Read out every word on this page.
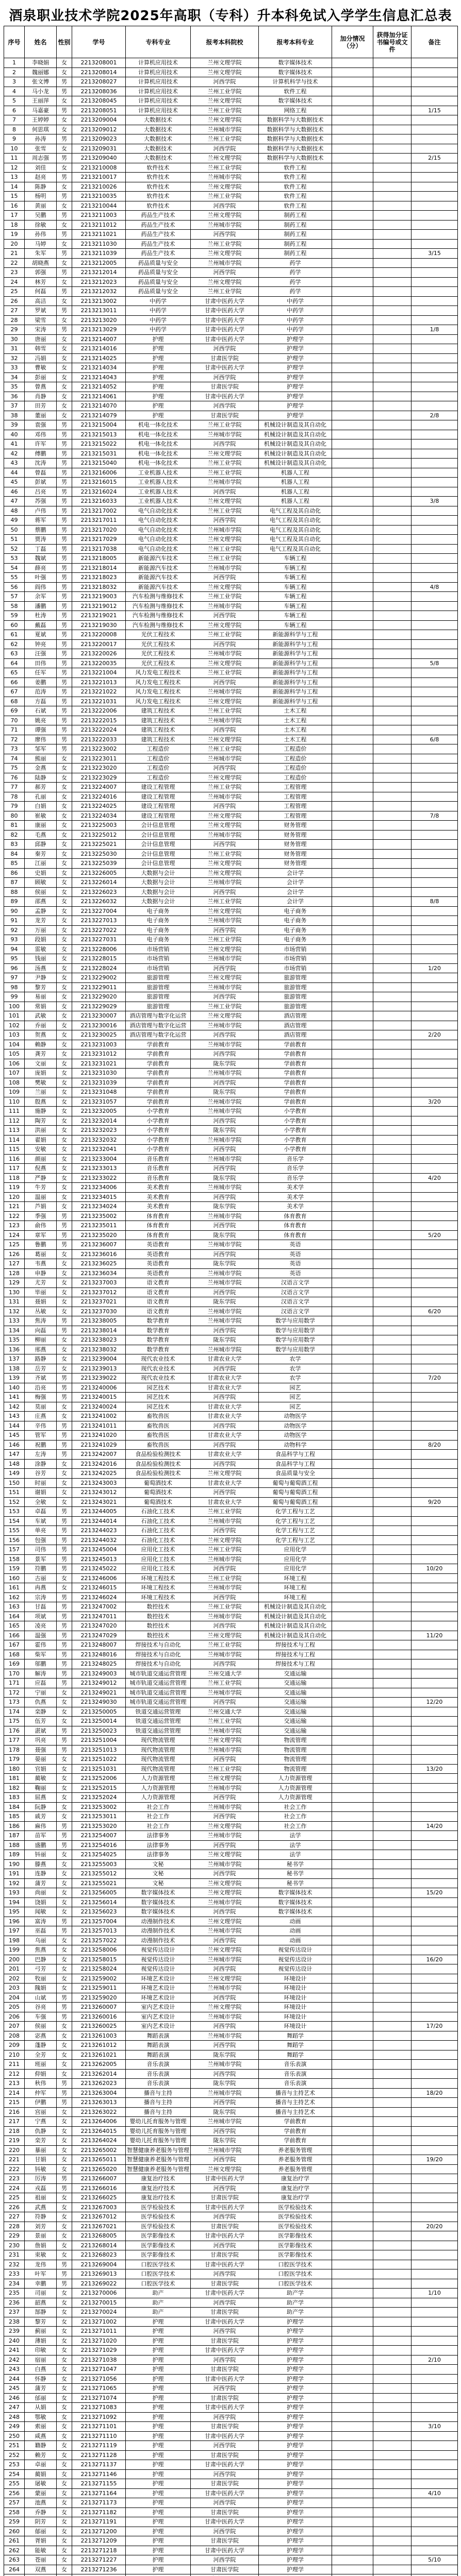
酒泉职业技术学院2025年高职（专科）升本科免试入学学生信息汇总表
序号	姓名	性别	学号	专科专业	报考本科院校	报考本科专业	加分情况（分）	获得加分证书编号或文件	备注
1	李晓娟	女	2213208001	计算机应用技术	兰州文理学院	数字媒体技术			
2	魏丽娜	女	2213208014	计算机应用技术	兰州文理学院	数字媒体技术			
3	张文博	男	2213208027	计算机应用技术	河西学院	计算机科学与技术			
4	马小龙	男	2213208036	计算机应用技术	兰州工业学院	软件工程			
5	王丽萍	女	2213208045	计算机应用技术	兰州文理学院	数字媒体技术			
6	马嘉豪	男	2213208051	计算机应用技术	兰州工业学院	网络工程			1/15
7	王婷婷	女	2213209004	大数据技术	兰州文理学院	数据科学与大数据技术			
8	何思琪	女	2213209012	大数据技术	兰州城市学院	数据科学与大数据技术			
9	孙涛	男	2213209023	大数据技术	兰州工业学院	数据科学与大数据技术			
10	张雪	女	2213209031	大数据技术	河西学院	数据科学与大数据技术			
11	周志强	男	2213209040	大数据技术	兰州文理学院	数据科学与大数据技术			2/15
12	刘佳	女	2213210008	软件技术	兰州工业学院	软件工程			
13	赵亮	男	2213210017	软件技术	兰州城市学院	软件工程			
14	陈静	女	2213210026	软件技术	兰州文理学院	软件工程			
15	杨明	男	2213210035	软件技术	兰州工业学院	软件工程			
16	黄丽	女	2213210044	软件技术	河西学院	软件工程			
17	吴鹏	男	2213211003	药品生产技术	兰州文理学院	制药工程			
18	徐敏	女	2213211012	药品生产技术	兰州城市学院	制药工程			
19	孙伟	男	2213211021	药品生产技术	河西学院	制药工程			
20	马婷	女	2213211030	药品生产技术	兰州工业学院	制药工程			
21	朱军	男	2213211039	药品生产技术	兰州文理学院	制药工程			3/15
22	胡晓燕	女	2213212005	药品质量与安全	兰州城市学院	药学			
23	郭强	男	2213212014	药品质量与安全	河西学院	药学			
24	林芳	女	2213212023	药品质量与安全	兰州文理学院	药学			
25	何磊	男	2213212032	药品质量与安全	兰州工业学院	药学			
26	高洁	女	2213213002	中药学	甘肃中医药大学	中药学			
27	罗斌	男	2213213011	中药学	甘肃中医药大学	中药学			
28	梁雪	女	2213213020	中药学	甘肃中医药大学	中药学			
29	宋涛	男	2213213029	中药学	甘肃中医药大学	中药学			1/8
30	唐丽	女	2213214007	护理	甘肃中医药大学	护理学			
31	韩雪	女	2213214016	护理	河西学院	护理学			
32	冯娟	女	2213214025	护理	甘肃医学院	护理学			
33	曹敏	女	2213214034	护理	甘肃中医药大学	护理学			
34	彭丽	女	2213214043	护理	河西学院	护理学			
35	曾燕	女	2213214052	护理	甘肃医学院	护理学			
36	肖静	女	2213214061	护理	甘肃中医药大学	护理学			
37	田芳	女	2213214070	护理	河西学院	护理学			
38	董丽	女	2213214079	护理	甘肃医学院	护理学			2/8
39	袁强	男	2213215004	机电一体化技术	兰州工业学院	机械设计制造及其自动化			
40	邓伟	男	2213215013	机电一体化技术	兰州城市学院	机械设计制造及其自动化			
41	许军	男	2213215022	机电一体化技术	河西学院	机械设计制造及其自动化			
42	傅鹏	男	2213215031	机电一体化技术	兰州文理学院	机械设计制造及其自动化			
43	沈涛	男	2213215040	机电一体化技术	兰州工业学院	机械设计制造及其自动化			
44	曾磊	男	2213216006	工业机器人技术	兰州工业学院	机器人工程			
45	彭斌	男	2213216015	工业机器人技术	兰州城市学院	机器人工程			
46	吕亮	男	2213216024	工业机器人技术	河西学院	机器人工程			
47	苏强	男	2213216033	工业机器人技术	兰州文理学院	机器人工程			3/8
48	卢伟	男	2213217002	电气自动化技术	兰州工业学院	电气工程及其自动化			
49	蒋军	男	2213217011	电气自动化技术	河西学院	电气工程及其自动化			
50	蔡鹏	男	2213217020	电气自动化技术	兰州城市学院	电气工程及其自动化			
51	贾涛	男	2213217029	电气自动化技术	兰州文理学院	电气工程及其自动化			
52	丁磊	男	2213217038	电气自动化技术	兰州工业学院	电气工程及其自动化			
53	魏斌	男	2213218005	新能源汽车技术	兰州工业学院	车辆工程			
54	薛亮	男	2213218014	新能源汽车技术	兰州城市学院	车辆工程			
55	叶强	男	2213218023	新能源汽车技术	河西学院	车辆工程			
56	阎伟	男	2213218032	新能源汽车技术	兰州文理学院	车辆工程			4/8
57	余军	男	2213219003	汽车检测与维修技术	兰州工业学院	车辆工程			
58	潘鹏	男	2213219012	汽车检测与维修技术	兰州城市学院	车辆工程			
59	杜涛	男	2213219021	汽车检测与维修技术	河西学院	车辆工程			
60	戴磊	男	2213219030	汽车检测与维修技术	兰州文理学院	车辆工程			
61	夏斌	男	2213220008	光伏工程技术	兰州工业学院	新能源科学与工程			
62	钟亮	男	2213220017	光伏工程技术	河西学院	新能源科学与工程			
63	汪强	男	2213220026	光伏工程技术	兰州城市学院	新能源科学与工程			
64	田伟	男	2213220035	光伏工程技术	兰州文理学院	新能源科学与工程			5/8
65	任军	男	2213221004	风力发电工程技术	兰州工业学院	新能源科学与工程			
66	姜鹏	男	2213221013	风力发电工程技术	河西学院	新能源科学与工程			
67	范涛	男	2213221022	风力发电工程技术	兰州城市学院	新能源科学与工程			
68	方磊	男	2213221031	风力发电工程技术	兰州文理学院	新能源科学与工程			
69	石斌	男	2213222006	建筑工程技术	兰州工业学院	土木工程			
70	姚亮	男	2213222015	建筑工程技术	兰州城市学院	土木工程			
71	谭强	男	2213222024	建筑工程技术	河西学院	土木工程			
72	廖伟	男	2213222033	建筑工程技术	兰州文理学院	土木工程			6/8
73	邹军	男	2213223002	工程造价	兰州工业学院	工程造价			
74	熊丽	女	2213223011	工程造价	兰州城市学院	工程造价			
75	金燕	女	2213223020	工程造价	河西学院	工程造价			
76	陆静	女	2213223029	工程造价	兰州文理学院	工程造价			
77	郝芳	女	2213224007	建设工程管理	兰州工业学院	工程管理			
78	孔丽	女	2213224016	建设工程管理	兰州城市学院	工程管理			
79	白娟	女	2213224025	建设工程管理	河西学院	工程管理			
80	崔敏	女	2213224034	建设工程管理	兰州文理学院	工程管理			7/8
81	康丽	女	2213225003	会计信息管理	兰州文理学院	财务管理			
82	毛燕	女	2213225012	会计信息管理	兰州城市学院	财务管理			
83	邱静	女	2213225021	会计信息管理	河西学院	财务管理			
84	秦芳	女	2213225030	会计信息管理	兰州工业学院	财务管理			
85	江丽	女	2213225039	会计信息管理	兰州文理学院	财务管理			
86	史娟	女	2213226005	大数据与会计	兰州文理学院	会计学			
87	顾敏	女	2213226014	大数据与会计	兰州城市学院	会计学			
88	侯丽	女	2213226023	大数据与会计	河西学院	会计学			
89	邵燕	女	2213226032	大数据与会计	兰州工业学院	会计学			8/8
90	孟静	女	2213227004	电子商务	兰州文理学院	电子商务			
91	龙芳	女	2213227013	电子商务	兰州城市学院	电子商务			
92	万丽	女	2213227022	电子商务	河西学院	电子商务			
93	段娟	女	2213227031	电子商务	兰州工业学院	电子商务			
94	雷敏	女	2213228006	市场营销	兰州文理学院	市场营销			
95	钱丽	女	2213228015	市场营销	兰州城市学院	市场营销			
96	汤燕	女	2213228024	市场营销	河西学院	市场营销			1/20
97	尹静	女	2213229002	旅游管理	兰州文理学院	旅游管理			
98	黎芳	女	2213229011	旅游管理	兰州城市学院	旅游管理			
99	易丽	女	2213229020	旅游管理	河西学院	旅游管理			
100	常娟	女	2213229029	旅游管理	兰州工业学院	旅游管理			
101	武敏	女	2213230007	酒店管理与数字化运营	兰州文理学院	酒店管理			
102	乔丽	女	2213230016	酒店管理与数字化运营	兰州城市学院	酒店管理			
103	贺燕	女	2213230025	酒店管理与数字化运营	河西学院	酒店管理			2/20
104	赖静	女	2213231003	学前教育	兰州城市学院	学前教育			
105	龚芳	女	2213231012	学前教育	河西学院	学前教育			
106	文丽	女	2213231021	学前教育	陇东学院	学前教育			
107	庞娟	女	2213231030	学前教育	兰州城市学院	学前教育			
108	樊敏	女	2213231039	学前教育	河西学院	学前教育			
109	兰丽	女	2213231048	学前教育	陇东学院	学前教育			
110	殷燕	女	2213231057	学前教育	兰州城市学院	学前教育			3/20
111	施静	女	2213232005	小学教育	兰州城市学院	小学教育			
112	陶芳	女	2213232014	小学教育	河西学院	小学教育			
113	洪丽	女	2213232023	小学教育	陇东学院	小学教育			
114	翟娟	女	2213232032	小学教育	兰州城市学院	小学教育			
115	安敏	女	2213232041	小学教育	河西学院	小学教育			
116	颜丽	女	2213233004	音乐教育	兰州城市学院	音乐学			
117	倪燕	女	2213233013	音乐教育	河西学院	音乐学			
118	严静	女	2213233022	音乐教育	陇东学院	音乐学			4/20
119	牛芳	女	2213234006	美术教育	兰州城市学院	美术学			
120	温丽	女	2213234015	美术教育	河西学院	美术学			
121	芦娟	女	2213234024	美术教育	陇东学院	美术学			
122	季强	男	2213235002	体育教育	兰州城市学院	体育教育			
123	俞伟	男	2213235011	体育教育	河西学院	体育教育			
124	章军	男	2213235020	体育教育	陇东学院	体育教育			5/20
125	鲁鹏	男	2213236007	英语教育	兰州城市学院	英语			
126	葛丽	女	2213236016	英语教育	河西学院	英语			
127	韦燕	女	2213236025	英语教育	陇东学院	英语			
128	申静	女	2213236034	英语教育	兰州城市学院	英语			
129	尤芳	女	2213237003	语文教育	兰州城市学院	汉语言文学			
130	毕丽	女	2213237012	语文教育	河西学院	汉语言文学			
131	聂娟	女	2213237021	语文教育	陇东学院	汉语言文学			
132	丛敏	女	2213237030	语文教育	兰州城市学院	汉语言文学			6/20
133	焦涛	男	2213238005	数学教育	兰州城市学院	数学与应用数学			
134	向磊	男	2213238014	数学教育	河西学院	数学与应用数学			
135	柳丽	女	2213238023	数学教育	陇东学院	数学与应用数学			
136	邢燕	女	2213238032	数学教育	兰州城市学院	数学与应用数学			
137	路静	女	2213239004	现代农业技术	甘肃农业大学	农学			
138	岳芳	女	2213239013	现代农业技术	河西学院	农学			
139	齐斌	男	2213239022	现代农业技术	甘肃农业大学	农学			7/20
140	沿亮	男	2213240006	园艺技术	甘肃农业大学	园艺			
141	梅强	男	2213240015	园艺技术	河西学院	园艺			
142	莫丽	女	2213240024	园艺技术	甘肃农业大学	园艺			
143	庄燕	女	2213241002	畜牧兽医	甘肃农业大学	动物医学			
144	辛伟	男	2213241011	畜牧兽医	河西学院	动物医学			
145	管军	男	2213241020	畜牧兽医	甘肃农业大学	动物医学			
146	祝鹏	男	2213241029	畜牧兽医	河西学院	动物科学			8/20
147	左涛	男	2213242007	食品检验检测技术	甘肃农业大学	食品科学与工程			
148	涂静	女	2213242016	食品检验检测技术	河西学院	食品科学与工程			
149	谷芳	女	2213242025	食品检验检测技术	兰州文理学院	食品质量与安全			
150	时丽	女	2213243003	葡萄酒技术	甘肃农业大学	葡萄与葡萄酒工程			
151	谢娟	女	2213243012	葡萄酒技术	河西学院	葡萄与葡萄酒工程			
152	全敏	女	2213243021	葡萄酒技术	甘肃农业大学	葡萄与葡萄酒工程			9/20
153	卓磊	男	2213244005	石油化工技术	兰州工业学院	化学工程与工艺			
154	车斌	男	2213244014	石油化工技术	兰州城市学院	化学工程与工艺			
155	单亮	男	2213244023	石油化工技术	河西学院	化学工程与工艺			
156	包强	男	2213244032	石油化工技术	兰州文理学院	化学工程与工艺			
157	司伟	男	2213245004	应用化工技术	兰州工业学院	应用化学			
158	景军	男	2213245013	应用化工技术	兰州城市学院	应用化学			
159	符鹏	男	2213245022	应用化工技术	河西学院	应用化学			10/20
160	古丽	女	2213246006	环境工程技术	兰州工业学院	环境工程			
161	冉燕	女	2213246015	环境工程技术	兰州城市学院	环境工程			
162	宗涛	男	2213246024	环境工程技术	河西学院	环境工程			
163	甘磊	男	2213247002	数控技术	兰州工业学院	机械设计制造及其自动化			
164	项斌	男	2213247011	数控技术	兰州城市学院	机械设计制造及其自动化			
165	凌亮	男	2213247020	数控技术	河西学院	机械设计制造及其自动化			
166	温强	男	2213247029	数控技术	兰州文理学院	机械设计制造及其自动化			11/20
167	霍伟	男	2213248007	焊接技术与自动化	兰州工业学院	焊接技术与工程			
168	柴军	男	2213248016	焊接技术与自动化	兰州城市学院	焊接技术与工程			
169	邬鹏	男	2213248025	焊接技术与自动化	河西学院	焊接技术与工程			
170	解涛	男	2213249003	城市轨道交通运营管理	兰州交通大学	交通运输			
171	应磊	男	2213249012	城市轨道交通运营管理	兰州工业学院	交通运输			
172	宁丽	女	2213249021	城市轨道交通运营管理	兰州城市学院	交通运输			
173	仇燕	女	2213249030	城市轨道交通运营管理	河西学院	交通运输			12/20
174	栾静	女	2213250005	铁道交通运营管理	兰州交通大学	交通运输			
175	伍芳	女	2213250014	铁道交通运营管理	兰州工业学院	交通运输			
176	湛斌	男	2213250023	铁道交通运营管理	兰州城市学院	交通运输			
177	巩亮	男	2213251004	现代物流管理	兰州文理学院	物流管理			
178	聂强	男	2213251013	现代物流管理	兰州城市学院	物流管理			
179	晏丽	女	2213251022	现代物流管理	河西学院	物流管理			
180	官娟	女	2213251031	现代物流管理	兰州工业学院	物流管理			13/20
181	蔺敏	女	2213252006	人力资源管理	兰州文理学院	人力资源管理			
182	鞠丽	女	2213252015	人力资源管理	兰州城市学院	人力资源管理			
183	屈燕	女	2213252024	人力资源管理	河西学院	人力资源管理			
184	阮静	女	2213253002	社会工作	兰州城市学院	社会工作			
185	戚芳	女	2213253011	社会工作	河西学院	社会工作			
186	麻伟	男	2213253020	社会工作	兰州文理学院	社会工作			14/20
187	苗军	男	2213254007	法律事务	兰州城市学院	法学			
188	盛鹏	男	2213254016	法律事务	河西学院	法学			
189	钭丽	女	2213254025	法律事务	兰州文理学院	法学			
190	滕燕	女	2213255003	文秘	兰州城市学院	秘书学			
191	连静	女	2213255012	文秘	河西学院	秘书学			
192	蒲芳	女	2213255021	文秘	兰州文理学院	秘书学			
193	尚丽	女	2213256005	数字媒体技术	兰州文理学院	数字媒体技术			15/20
194	饶娟	女	2213256014	数字媒体技术	兰州城市学院	数字媒体技术			
195	闻敏	女	2213256023	数字媒体技术	河西学院	数字媒体技术			
196	富涛	男	2213257004	动漫制作技术	兰州文理学院	动画			
197	巫磊	男	2213257013	动漫制作技术	兰州城市学院	动画			
198	乌丽	女	2213257022	动漫制作技术	河西学院	动画			
199	焦燕	女	2213258006	视觉传达设计	兰州文理学院	视觉传达设计			
200	巴静	女	2213258015	视觉传达设计	兰州城市学院	视觉传达设计			16/20
201	弓芳	女	2213258024	视觉传达设计	河西学院	视觉传达设计			
202	牧丽	女	2213259002	环境艺术设计	兰州文理学院	环境设计			
203	隗娟	女	2213259011	环境艺术设计	兰州城市学院	环境设计			
204	山斌	男	2213259020	环境艺术设计	河西学院	环境设计			
205	谷亮	男	2213260007	室内艺术设计	兰州文理学院	环境设计			
206	车强	男	2213260016	室内艺术设计	兰州城市学院	环境设计			
207	侯丽	女	2213260025	室内艺术设计	河西学院	环境设计			17/20
208	宓燕	女	2213261003	舞蹈表演	兰州城市学院	舞蹈学			
209	蓬静	女	2213261012	舞蹈表演	河西学院	舞蹈学			
210	全芳	女	2213261021	舞蹈表演	陇东学院	舞蹈学			
211	班丽	女	2213262005	音乐表演	兰州城市学院	音乐表演			
212	仰娟	女	2213262014	音乐表演	河西学院	音乐表演			
213	秋伟	男	2213262023	音乐表演	陇东学院	音乐表演			
214	仲军	男	2213263004	播音与主持	兰州城市学院	播音与主持艺术			18/20
215	伊鹏	男	2213263013	播音与主持	河西学院	播音与主持艺术			
216	宫丽	女	2213263022	播音与主持	陇东学院	播音与主持艺术			
217	宁燕	女	2213264006	婴幼儿托育服务与管理	兰州城市学院	学前教育			
218	仇静	女	2213264015	婴幼儿托育服务与管理	河西学院	学前教育			
219	栾芳	女	2213264024	婴幼儿托育服务与管理	陇东学院	学前教育			
220	暴丽	女	2213265002	智慧健康养老服务与管理	兰州城市学院	养老服务管理			
221	甘娟	女	2213265011	智慧健康养老服务与管理	河西学院	养老服务管理			19/20
222	钭敏	女	2213265020	智慧健康养老服务与管理	兰州文理学院	养老服务管理			
223	厉涛	男	2213266007	康复治疗技术	甘肃中医药大学	康复治疗学			
224	戎磊	男	2213266016	康复治疗技术	河西学院	康复治疗学			
225	祖丽	女	2213266025	康复治疗技术	甘肃医学院	康复治疗学			
226	武燕	女	2213267003	医学检验技术	甘肃中医药大学	医学检验技术			
227	符静	女	2213267012	医学检验技术	河西学院	医学检验技术			
228	刘芳	女	2213267021	医学检验技术	甘肃医学院	医学检验技术			20/20
229	景丽	女	2213268005	医学影像技术	甘肃中医药大学	医学影像技术			
230	詹娟	女	2213268014	医学影像技术	河西学院	医学影像技术			
231	束敏	女	2213268023	医学影像技术	甘肃医学院	医学影像技术			
232	龙伟	男	2213269004	口腔医学技术	甘肃中医药大学	口腔医学技术			
233	叶军	男	2213269013	口腔医学技术	河西学院	口腔医学技术			
234	幸鹏	男	2213269022	口腔医学技术	甘肃医学院	口腔医学技术			
235	司丽	女	2213270006	助产	甘肃中医药大学	助产学			1/10
236	韶燕	女	2213270015	助产	河西学院	助产学			
237	郜静	女	2213270024	助产	甘肃医学院	助产学			
238	黎芳	女	2213271002	护理	甘肃中医药大学	护理学			
239	蓟丽	女	2213271011	护理	河西学院	护理学			
240	薄娟	女	2213271020	护理	甘肃医学院	护理学			
241	印敏	女	2213271029	护理	甘肃中医药大学	护理学			
242	宿丽	女	2213271038	护理	河西学院	护理学			2/10
243	白燕	女	2213271047	护理	甘肃医学院	护理学			
244	怀静	女	2213271056	护理	甘肃中医药大学	护理学			
245	蒲芳	女	2213271065	护理	河西学院	护理学			
246	邰丽	女	2213271074	护理	甘肃医学院	护理学			
247	从娟	女	2213271083	护理	甘肃中医药大学	护理学			
248	鄂敏	女	2213271092	护理	河西学院	护理学			
249	索丽	女	2213271101	护理	甘肃医学院	护理学			3/10
250	咸燕	女	2213271110	护理	甘肃中医药大学	护理学			
251	籍静	女	2213271119	护理	河西学院	护理学			
252	赖芳	女	2213271128	护理	甘肃医学院	护理学			
253	卓丽	女	2213271137	护理	甘肃中医药大学	护理学			
254	蔺娟	女	2213271146	护理	河西学院	护理学			
255	屠敏	女	2213271155	护理	甘肃医学院	护理学			
256	蒙丽	女	2213271164	护理	甘肃中医药大学	护理学			4/10
257	池燕	女	2213271173	护理	河西学院	护理学			
258	乔静	女	2213271182	护理	甘肃医学院	护理学			
259	阴芳	女	2213271191	护理	甘肃中医药大学	护理学			
260	郁丽	女	2213271200	护理	河西学院	护理学			
261	胥娟	女	2213271209	护理	甘肃医学院	护理学			
262	能敏	女	2213271218	护理	甘肃中医药大学	护理学			
263	苍丽	女	2213271227	护理	河西学院	护理学			5/10
264	双燕	女	2213271236	护理	甘肃医学院	护理学			
